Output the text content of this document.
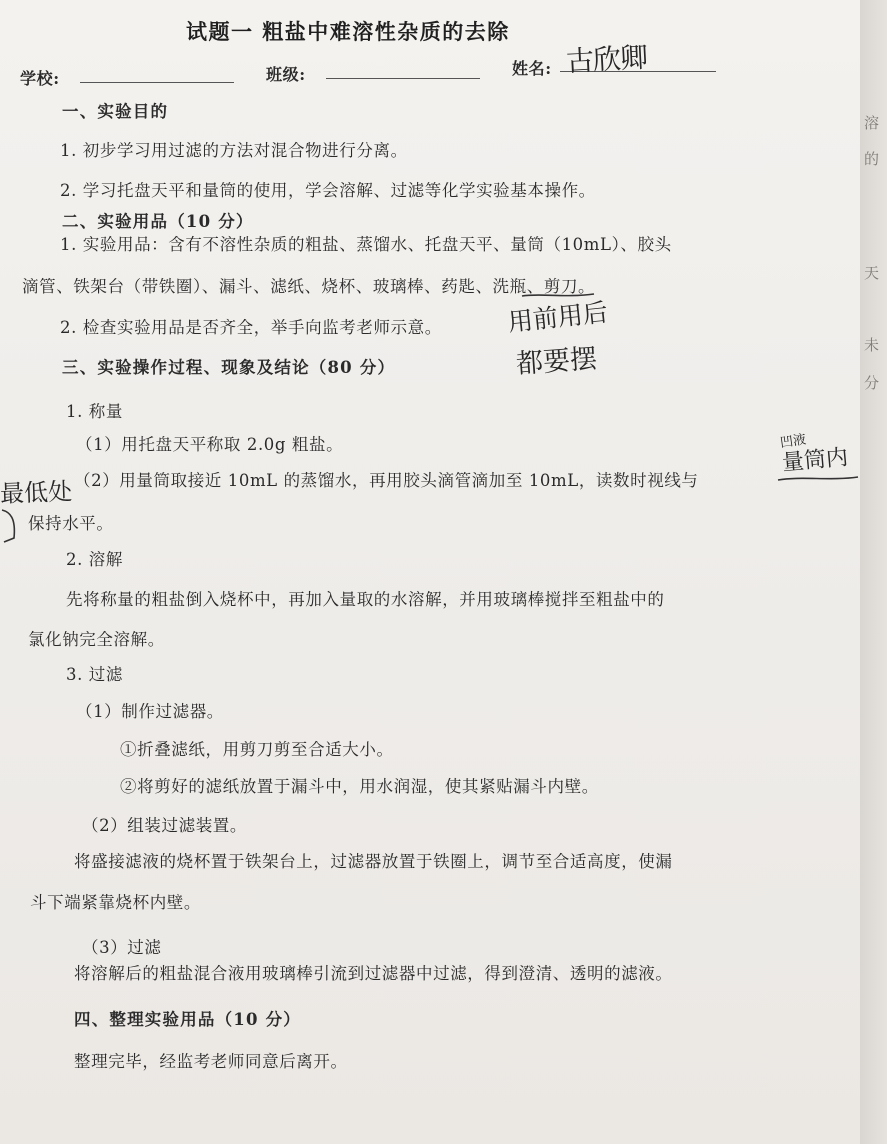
试题一 粗盐中难溶性杂质的去除
学校:	班级:	姓名: 古欣卿
一、实验目的
1. 初步学习用过滤的方法对混合物进行分离。
2. 学习托盘天平和量筒的使用，学会溶解、过滤等化学实验基本操作。
二、实验用品（10 分）
1. 实验用品：含有不溶性杂质的粗盐、蒸馏水、托盘天平、量筒（10mL）、胶头
滴管、铁架台（带铁圈）、漏斗、滤纸、烧杯、玻璃棒、药匙、洗瓶、剪刀。
2. 检查实验用品是否齐全，举手向监考老师示意。	用前用后
都要摆
三、实验操作过程、现象及结论（80 分）
1. 称量
（1）用托盘天平称取 2.0g 粗盐。
（2）用量筒取接近 10mL 的蒸馏水，再用胶头滴管滴加至 10mL，读数时视线与
保持水平。
凹液
量筒内
最低处
2. 溶解
先将称量的粗盐倒入烧杯中，再加入量取的水溶解，并用玻璃棒搅拌至粗盐中的
氯化钠完全溶解。
3. 过滤
（1）制作过滤器。
①折叠滤纸，用剪刀剪至合适大小。
②将剪好的滤纸放置于漏斗中，用水润湿，使其紧贴漏斗内壁。
（2）组装过滤装置。
将盛接滤液的烧杯置于铁架台上，过滤器放置于铁圈上，调节至合适高度，使漏
斗下端紧靠烧杯内壁。
（3）过滤
将溶解后的粗盐混合液用玻璃棒引流到过滤器中过滤，得到澄清、透明的滤液。
四、整理实验用品（10 分）
整理完毕，经监考老师同意后离开。
溶
的
天
未
分
